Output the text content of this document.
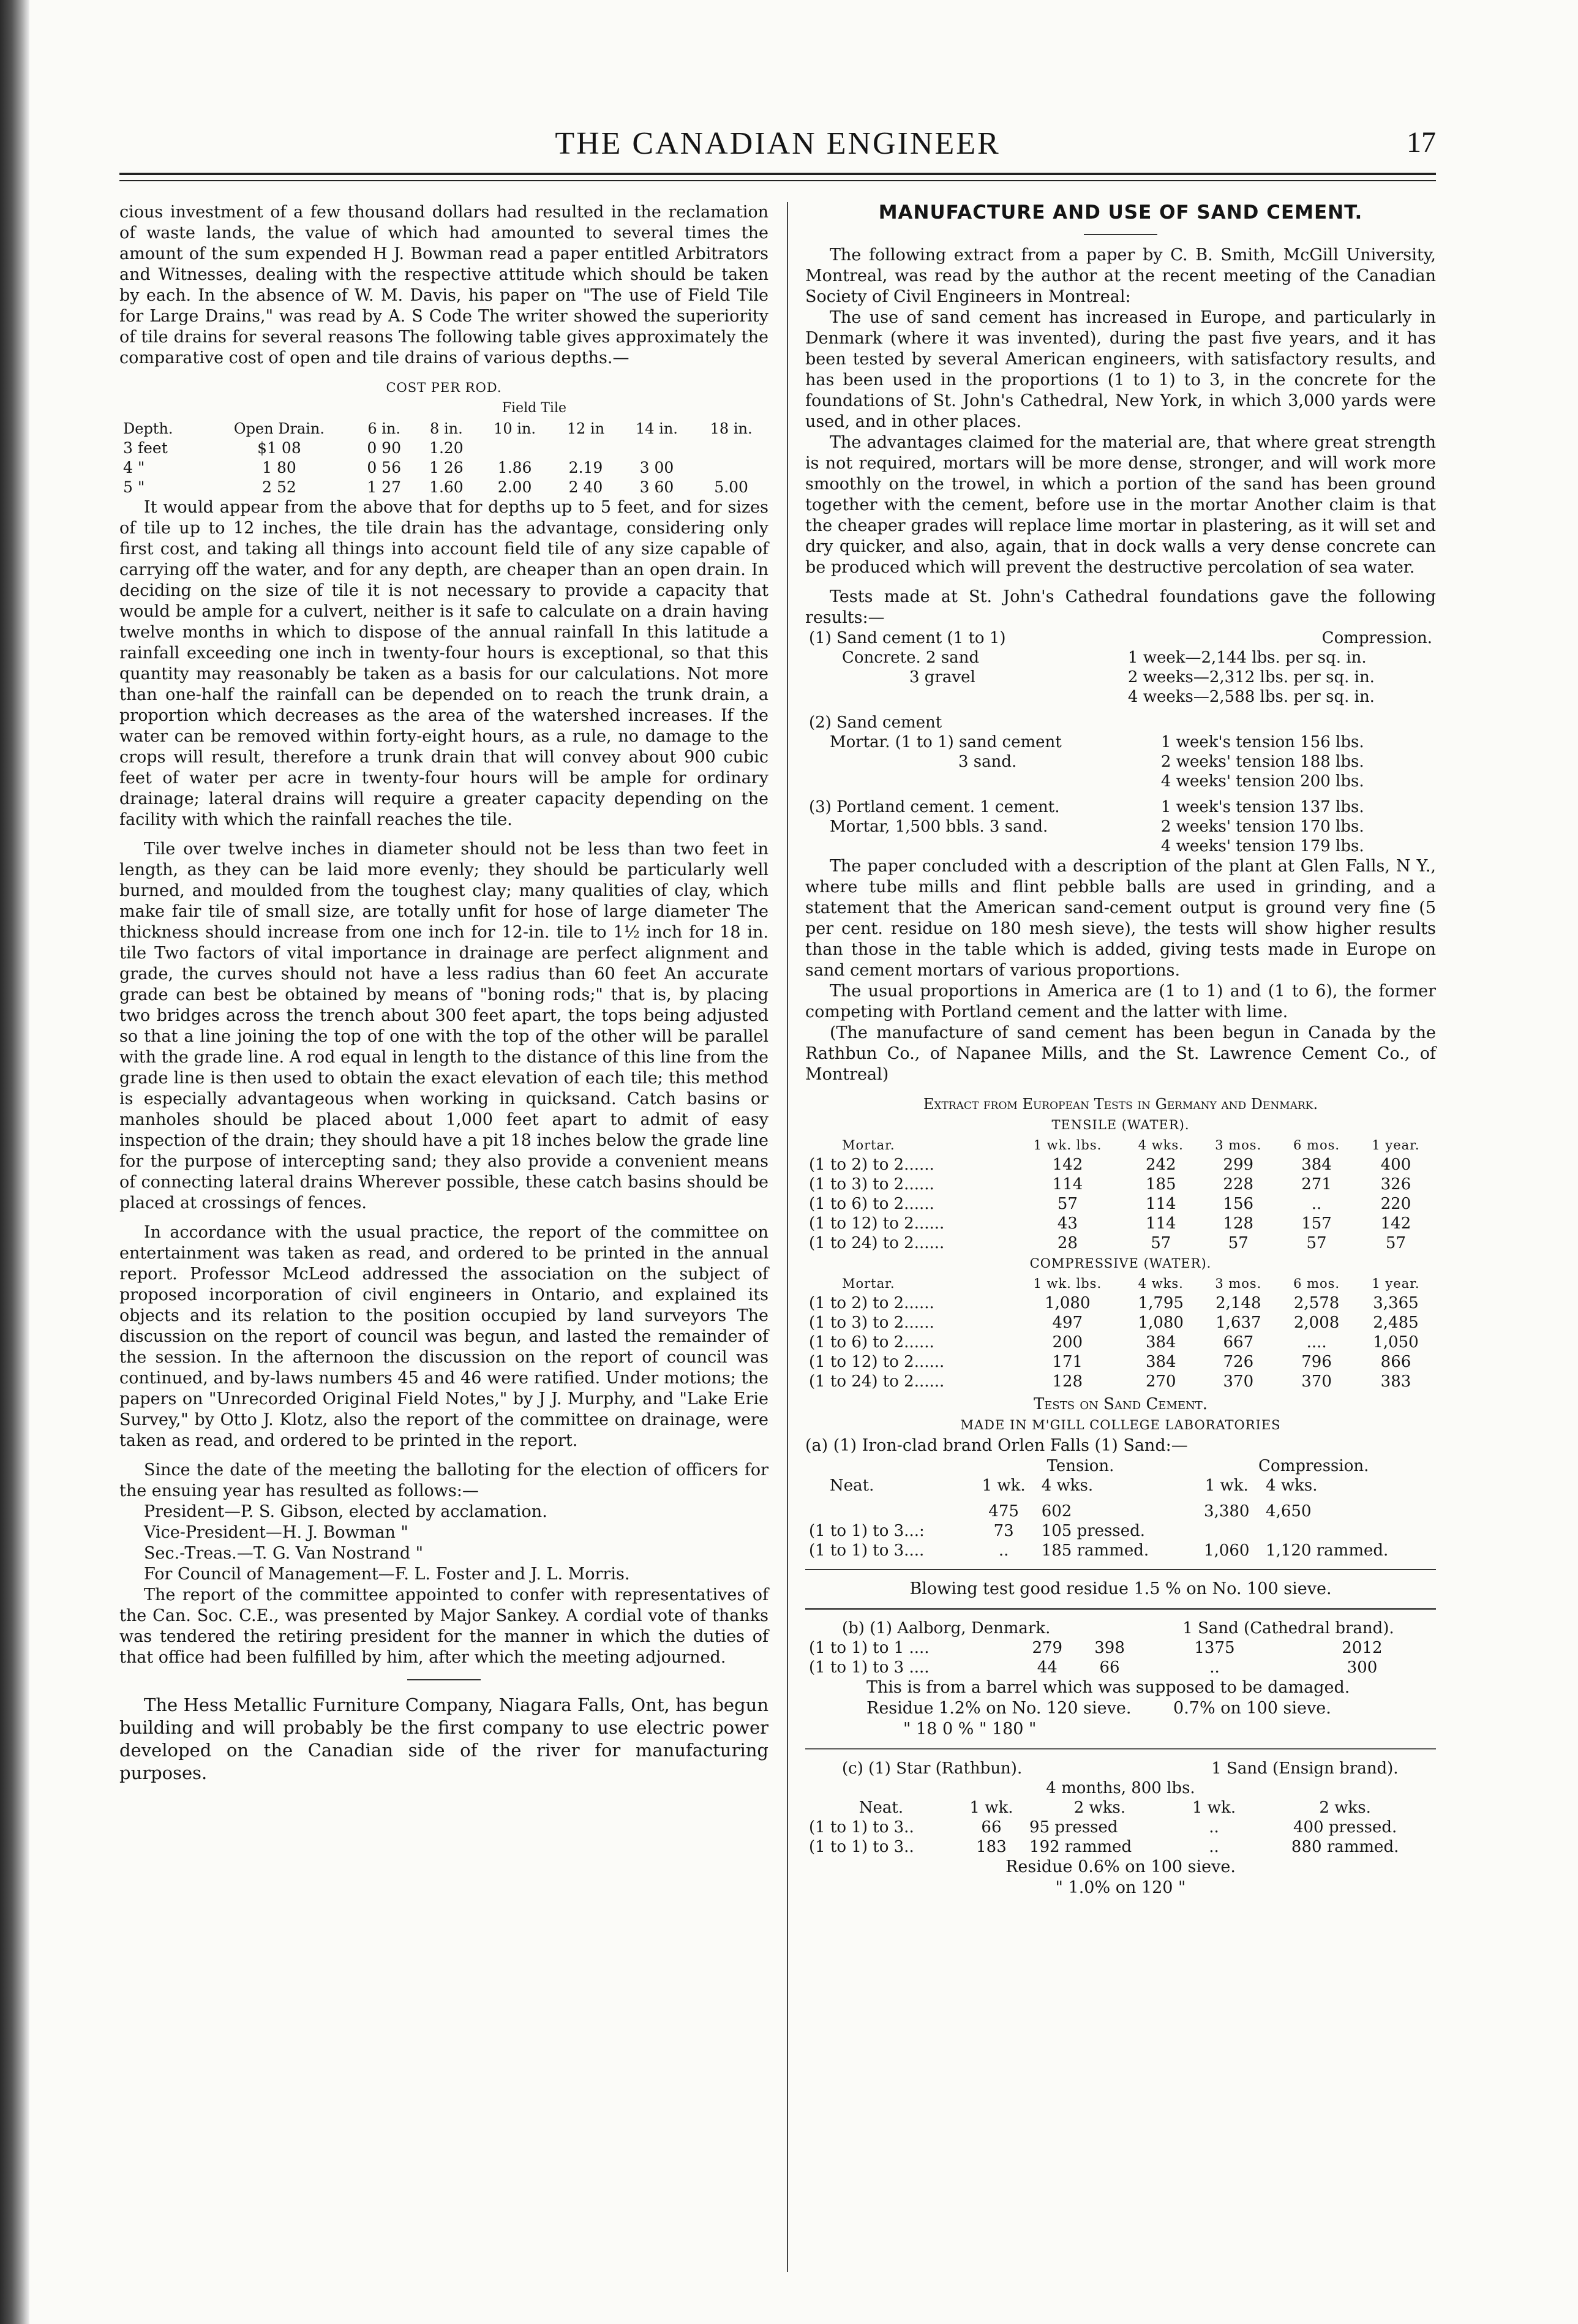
THE CANADIAN ENGINEER	17

cious investment of a few thousand dollars had resulted in the reclamation of waste lands, the value of which had amounted to several times the amount of the sum expended H J. Bowman read a paper entitled Arbitrators and Witnesses, dealing with the respective attitude which should be taken by each. In the absence of W. M. Davis, his paper on "The use of Field Tile for Large Drains," was read by A. S Code The writer showed the superiority of tile drains for several reasons The following table gives approximately the comparative cost of open and tile drains of various depths.—

COST PER ROD.
Field Tile
Depth.	Open Drain.	6 in.	8 in.	10 in.	12 in	14 in.	18 in.
3 feet	$1 08	0 90	1.20				
4 "	1 80	0 56	1 26	1.86	2.19	3 00	
5 "	2 52	1 27	1.60	2.00	2 40	3 60	5.00

It would appear from the above that for depths up to 5 feet, and for sizes of tile up to 12 inches, the tile drain has the advantage, considering only first cost, and taking all things into account field tile of any size capable of carrying off the water, and for any depth, are cheaper than an open drain. In deciding on the size of tile it is not necessary to provide a capacity that would be ample for a culvert, neither is it safe to calculate on a drain having twelve months in which to dispose of the annual rainfall In this latitude a rainfall exceeding one inch in twenty-four hours is exceptional, so that this quantity may reasonably be taken as a basis for our calculations. Not more than one-half the rainfall can be depended on to reach the trunk drain, a proportion which decreases as the area of the watershed increases. If the water can be removed within forty-eight hours, as a rule, no damage to the crops will result, therefore a trunk drain that will convey about 900 cubic feet of water per acre in twenty-four hours will be ample for ordinary drainage; lateral drains will require a greater capacity depending on the facility with which the rainfall reaches the tile.

Tile over twelve inches in diameter should not be less than two feet in length, as they can be laid more evenly; they should be particularly well burned, and moulded from the toughest clay; many qualities of clay, which make fair tile of small size, are totally unfit for hose of large diameter The thickness should increase from one inch for 12-in. tile to 1½ inch for 18 in. tile Two factors of vital importance in drainage are perfect alignment and grade, the curves should not have a less radius than 60 feet An accurate grade can best be obtained by means of "boning rods;" that is, by placing two bridges across the trench about 300 feet apart, the tops being adjusted so that a line joining the top of one with the top of the other will be parallel with the grade line. A rod equal in length to the distance of this line from the grade line is then used to obtain the exact elevation of each tile; this method is especially advantageous when working in quicksand. Catch basins or manholes should be placed about 1,000 feet apart to admit of easy inspection of the drain; they should have a pit 18 inches below the grade line for the purpose of intercepting sand; they also provide a convenient means of connecting lateral drains Wherever possible, these catch basins should be placed at crossings of fences.

In accordance with the usual practice, the report of the committee on entertainment was taken as read, and ordered to be printed in the annual report. Professor McLeod addressed the association on the subject of proposed incorporation of civil engineers in Ontario, and explained its objects and its relation to the position occupied by land surveyors The discussion on the report of council was begun, and lasted the remainder of the session. In the afternoon the discussion on the report of council was continued, and by-laws numbers 45 and 46 were ratified. Under motions; the papers on "Unrecorded Original Field Notes," by J J. Murphy, and "Lake Erie Survey," by Otto J. Klotz, also the report of the committee on drainage, were taken as read, and ordered to be printed in the report.

Since the date of the meeting the balloting for the election of officers for the ensuing year has resulted as follows:—

President—P. S. Gibson, elected by acclamation.
Vice-President—H. J. Bowman "
Sec.-Treas.—T. G. Van Nostrand "
For Council of Management—F. L. Foster and J. L. Morris.

The report of the committee appointed to confer with representatives of the Can. Soc. C.E., was presented by Major Sankey. A cordial vote of thanks was tendered the retiring president for the manner in which the duties of that office had been fulfilled by him, after which the meeting adjourned.

The Hess Metallic Furniture Company, Niagara Falls, Ont, has begun building and will probably be the first company to use electric power developed on the Canadian side of the river for manufacturing purposes.

MANUFACTURE AND USE OF SAND CEMENT.

The following extract from a paper by C. B. Smith, McGill University, Montreal, was read by the author at the recent meeting of the Canadian Society of Civil Engineers in Montreal:

The use of sand cement has increased in Europe, and particularly in Denmark (where it was invented), during the past five years, and it has been tested by several American engineers, with satisfactory results, and has been used in the proportions (1 to 1) to 3, in the concrete for the foundations of St. John's Cathedral, New York, in which 3,000 yards were used, and in other places.

The advantages claimed for the material are, that where great strength is not required, mortars will be more dense, stronger, and will work more smoothly on the trowel, in which a portion of the sand has been ground together with the cement, before use in the mortar Another claim is that the cheaper grades will replace lime mortar in plastering, as it will set and dry quicker, and also, again, that in dock walls a very dense concrete can be produced which will prevent the destructive percolation of sea water.

Tests made at St. John's Cathedral foundations gave the following results:—

(1) Sand cement (1 to 1)	Compression.
Concrete. 2 sand	1 week—2,144 lbs. per sq. in.
3 gravel	2 weeks—2,312 lbs. per sq. in.
	4 weeks—2,588 lbs. per sq. in.

(2) Sand cement	
Mortar. (1 to 1) sand cement	1 week's tension 156 lbs.
3 sand.	2 weeks' tension 188 lbs.
	4 weeks' tension 200 lbs.

(3) Portland cement. 1 cement.	1 week's tension 137 lbs.
Mortar, 1,500 bbls. 3 sand.	2 weeks' tension 170 lbs.
	4 weeks' tension 179 lbs.

The paper concluded with a description of the plant at Glen Falls, N Y., where tube mills and flint pebble balls are used in grinding, and a statement that the American sand-cement output is ground very fine (5 per cent. residue on 180 mesh sieve), the tests will show higher results than those in the table which is added, giving tests made in Europe on sand cement mortars of various proportions.

The usual proportions in America are (1 to 1) and (1 to 6), the former competing with Portland cement and the latter with lime.

(The manufacture of sand cement has been begun in Canada by the Rathbun Co., of Napanee Mills, and the St. Lawrence Cement Co., of Montreal)

Extract from European Tests in Germany and Denmark.
TENSILE (WATER).
Mortar.	1 wk. lbs.	4 wks.	3 mos.	6 mos.	1 year.
(1 to 2) to 2......	142	242	299	384	400
(1 to 3) to 2......	114	185	228	271	326
(1 to 6) to 2......	57	114	156	..	220
(1 to 12) to 2......	43	114	128	157	142
(1 to 24) to 2......	28	57	57	57	57
COMPRESSIVE (WATER).
Mortar.	1 wk. lbs.	4 wks.	3 mos.	6 mos.	1 year.
(1 to 2) to 2......	1,080	1,795	2,148	2,578	3,365
(1 to 3) to 2......	497	1,080	1,637	2,008	2,485
(1 to 6) to 2......	200	384	667	....	1,050
(1 to 12) to 2......	171	384	726	796	866
(1 to 24) to 2......	128	270	370	370	383
Tests on Sand Cement.
MADE IN M'GILL COLLEGE LABORATORIES
(a) (1) Iron-clad brand Orlen Falls (1) Sand:—
	Tension.		Compression.	
Neat.	1 wk.	4 wks.	1 wk.	4 wks.

	475	602	3,380	4,650
(1 to 1) to 3...:	73	105 pressed.		
(1 to 1) to 3....	..	185 rammed.	1,060	1,120 rammed.
Blowing test good residue 1.5 % on No. 100 sieve.
(b) (1) Aalborg, Denmark.			1 Sand (Cathedral brand).	
(1 to 1) to 1 ....	279	398	1375	2012
(1 to 1) to 3 ....	44	66	..	300
This is from a barrel which was supposed to be damaged.
Residue 1.2% on No. 120 sieve.	0.7% on 100 sieve.
" 18 0 % " 180 "
(c) (1) Star (Rathbun).			1 Sand (Ensign brand).	
4 months, 800 lbs.				
Neat.	1 wk.	2 wks.	1 wk.	2 wks.
(1 to 1) to 3..	66	95 pressed	..	400 pressed.
(1 to 1) to 3..	183	192 rammed	..	880 rammed.
Residue 0.6% on 100 sieve.
" 1.0% on 120 "
